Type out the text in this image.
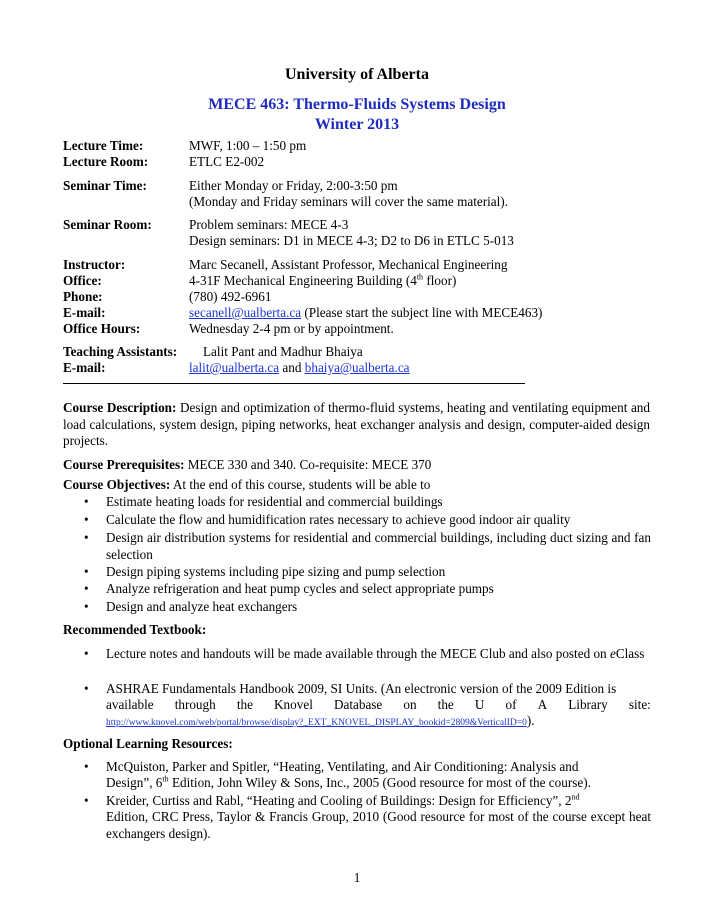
University of Alberta
MECE 463: Thermo-Fluids Systems Design
Winter 2013
Lecture Time:	MWF, 1:00 – 1:50 pm
Lecture Room:	ETLC E2-002
Seminar Time:	Either Monday or Friday, 2:00-3:50 pm
(Monday and Friday seminars will cover the same material).
Seminar Room:	Problem seminars: MECE 4-3
Design seminars: D1 in MECE 4-3; D2 to D6 in ETLC 5-013
Instructor:	Marc Secanell, Assistant Professor, Mechanical Engineering
Office:	4-31F Mechanical Engineering Building (4th floor)
Phone:	(780) 492-6961
E-mail:	secanell@ualberta.ca (Please start the subject line with MECE463)
Office Hours:	Wednesday 2-4 pm or by appointment.
Teaching Assistants: Lalit Pant and Madhur Bhaiya
E-mail:	lalit@ualberta.ca and bhaiya@ualberta.ca
Course Description: Design and optimization of thermo-fluid systems, heating and ventilating equipment and load calculations, system design, piping networks, heat exchanger analysis and design, computer-aided design projects.
Course Prerequisites: MECE 330 and 340. Co-requisite: MECE 370
Course Objectives: At the end of this course, students will be able to
•	Estimate heating loads for residential and commercial buildings
•	Calculate the flow and humidification rates necessary to achieve good indoor air quality
•	Design air distribution systems for residential and commercial buildings, including duct sizing and fan selection
•	Design piping systems including pipe sizing and pump selection
•	Analyze refrigeration and heat pump cycles and select appropriate pumps
•	Design and analyze heat exchangers
Recommended Textbook:
•	Lecture notes and handouts will be made available through the MECE Club and also posted on eClass
•	ASHRAE Fundamentals Handbook 2009, SI Units. (An electronic version of the 2009 Edition is
available through the Knovel Database on the U of A Library site:
http://www.knovel.com/web/portal/browse/display?_EXT_KNOVEL_DISPLAY_bookid=2809&VerticalID=0).
Optional Learning Resources:
•	McQuiston, Parker and Spitler, “Heating, Ventilating, and Air Conditioning: Analysis and
Design”, 6th Edition, John Wiley & Sons, Inc., 2005 (Good resource for most of the course).
•	Kreider, Curtiss and Rabl, “Heating and Cooling of Buildings: Design for Efficiency”, 2nd
Edition, CRC Press, Taylor & Francis Group, 2010 (Good resource for most of the course except heat exchangers design).
1
